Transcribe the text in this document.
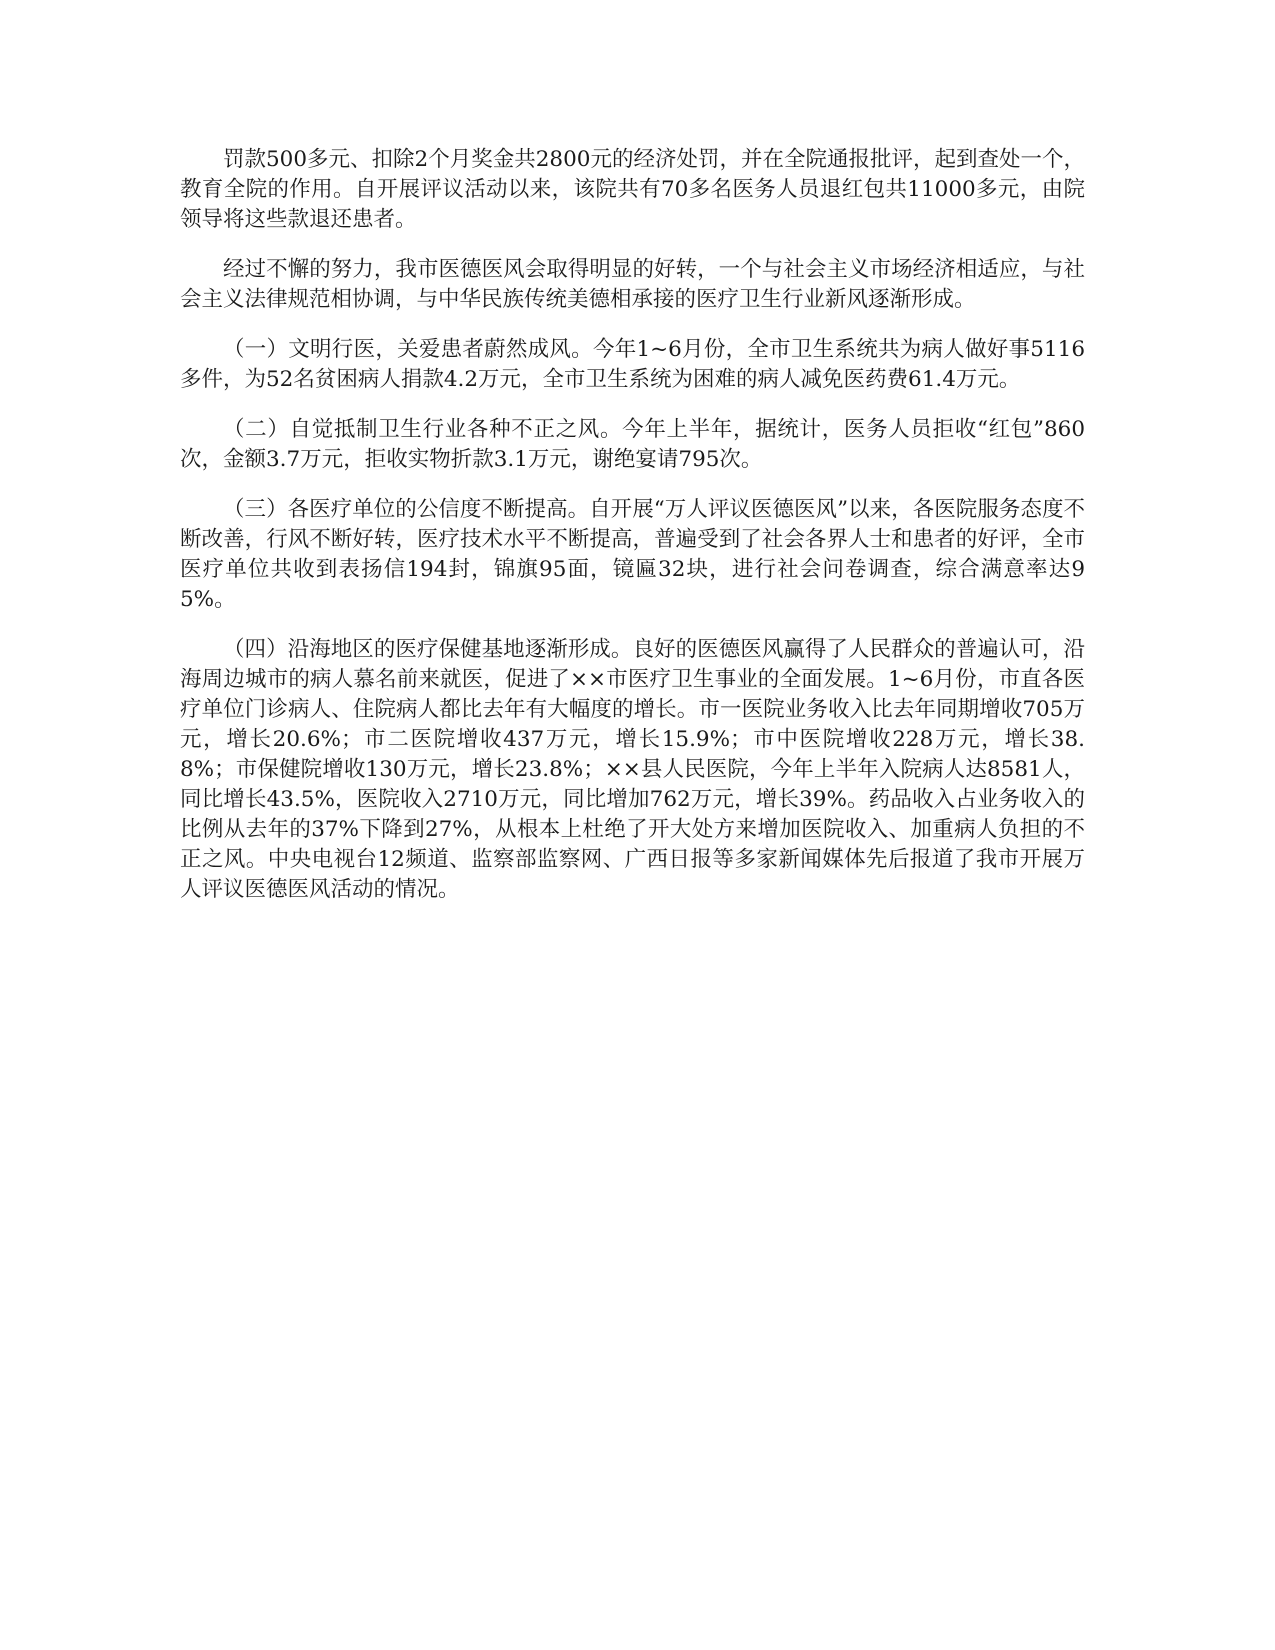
罚款500多元、扣除2个月奖金共2800元的经济处罚，并在全院通报批评，起到查处一个，教育全院的作用。自开展评议活动以来，该院共有70多名医务人员退红包共11000多元，由院领导将这些款退还患者。

经过不懈的努力，我市医德医风会取得明显的好转，一个与社会主义市场经济相适应，与社会主义法律规范相协调，与中华民族传统美德相承接的医疗卫生行业新风逐渐形成。

（一）文明行医，关爱患者蔚然成风。今年1~6月份，全市卫生系统共为病人做好事5116多件，为52名贫困病人捐款4.2万元，全市卫生系统为困难的病人减免医药费61.4万元。

（二）自觉抵制卫生行业各种不正之风。今年上半年，据统计，医务人员拒收“红包”860次，金额3.7万元，拒收实物折款3.1万元，谢绝宴请795次。

（三）各医疗单位的公信度不断提高。自开展“万人评议医德医风”以来，各医院服务态度不断改善，行风不断好转，医疗技术水平不断提高，普遍受到了社会各界人士和患者的好评，全市医疗单位共收到表扬信194封，锦旗95面，镜匾32块，进行社会问卷调查，综合满意率达95%。

（四）沿海地区的医疗保健基地逐渐形成。良好的医德医风赢得了人民群众的普遍认可，沿海周边城市的病人慕名前来就医，促进了××市医疗卫生事业的全面发展。1~6月份，市直各医疗单位门诊病人、住院病人都比去年有大幅度的增长。市一医院业务收入比去年同期增收705万元，增长20.6%；市二医院增收437万元，增长15.9%；市中医院增收228万元，增长38.8%；市保健院增收130万元，增长23.8%；××县人民医院，今年上半年入院病人达8581人，同比增长43.5%，医院收入2710万元，同比增加762万元，增长39%。药品收入占业务收入的比例从去年的37%下降到27%，从根本上杜绝了开大处方来增加医院收入、加重病人负担的不正之风。中央电视台12频道、监察部监察网、广西日报等多家新闻媒体先后报道了我市开展万人评议医德医风活动的情况。
